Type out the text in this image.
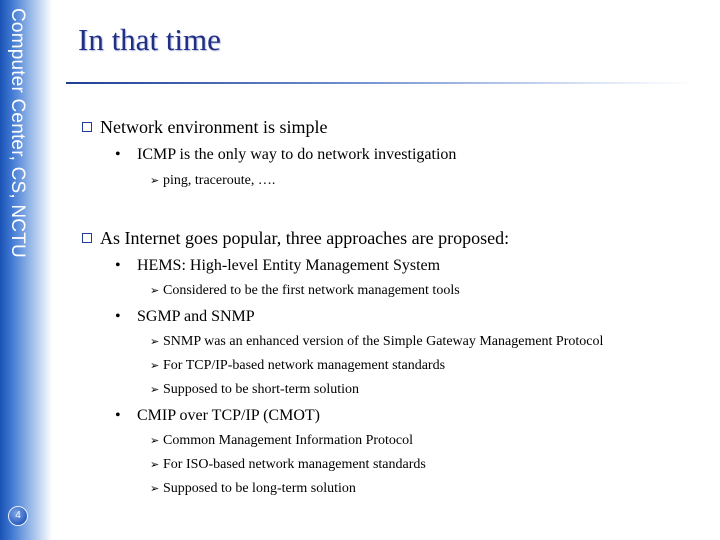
Computer Center, CS, NCTU
4
In that time
Network environment is simple
• ICMP is the only way to do network investigation
➢ ping, traceroute, ….
As Internet goes popular, three approaches are proposed:
• HEMS: High-level Entity Management System
➢ Considered to be the first network management tools
• SGMP and SNMP
➢ SNMP was an enhanced version of the Simple Gateway Management Protocol
➢ For TCP/IP-based network management standards
➢ Supposed to be short-term solution
• CMIP over TCP/IP (CMOT)
➢ Common Management Information Protocol
➢ For ISO-based network management standards
➢ Supposed to be long-term solution
